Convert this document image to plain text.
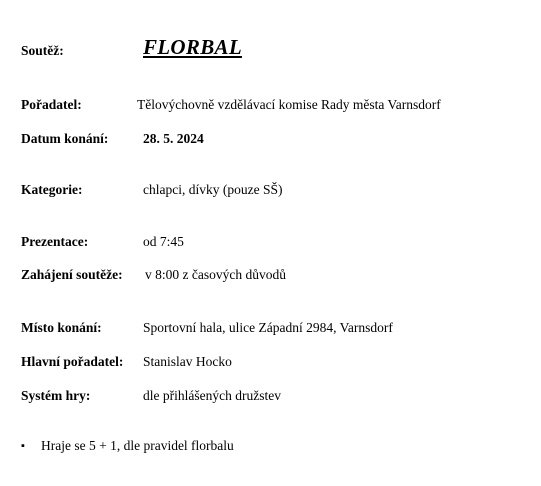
Soutěž:	FLORBAL
Pořadatel:	Tělovýchovně vzdělávací komise Rady města Varnsdorf
Datum konání:	28. 5. 2024
Kategorie:	chlapci, dívky (pouze SŠ)
Prezentace:	od 7:45
Zahájení soutěže: v 8:00 z časových důvodů
Místo konání:	Sportovní hala, ulice Západní 2984, Varnsdorf
Hlavní pořadatel: Stanislav Hocko
Systém hry:	dle přihlášených družstev
▪ Hraje se 5 + 1, dle pravidel florbalu
